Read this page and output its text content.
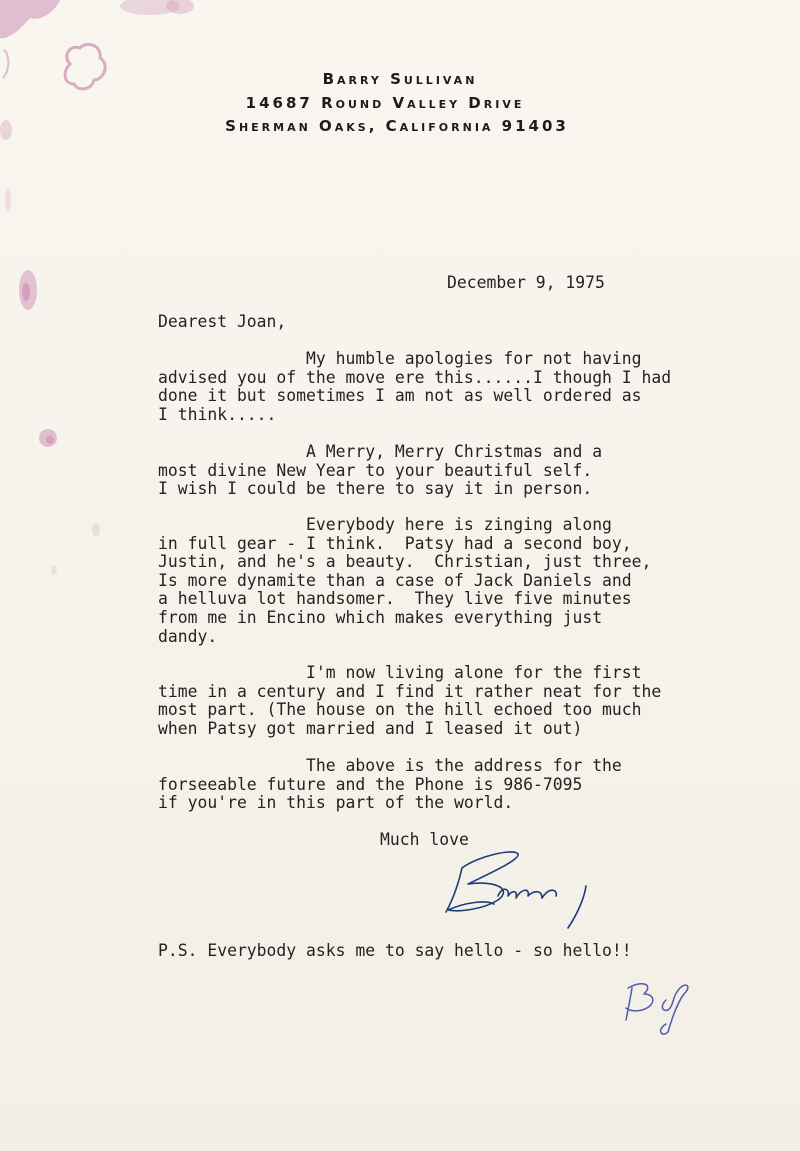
Barry Sullivan
14687 Round Valley Drive
Sherman Oaks, California 91403
December 9, 1975
Dearest Joan,
My humble apologies for not having
advised you of the move ere this......I though I had
done it but sometimes I am not as well ordered as
I think.....
A Merry, Merry Christmas and a
most divine New Year to your beautiful self.
I wish I could be there to say it in person.
Everybody here is zinging along
in full gear - I think.  Patsy had a second boy,
Justin, and he's a beauty.  Christian, just three,
Is more dynamite than a case of Jack Daniels and
a helluva lot handsomer.  They live five minutes
from me in Encino which makes everything just
dandy.
I'm now living alone for the first
time in a century and I find it rather neat for the
most part. (The house on the hill echoed too much
when Patsy got married and I leased it out)
The above is the address for the
forseeable future and the Phone is 986-7095
if you're in this part of the world.
Much love
P.S. Everybody asks me to say hello - so hello!!
